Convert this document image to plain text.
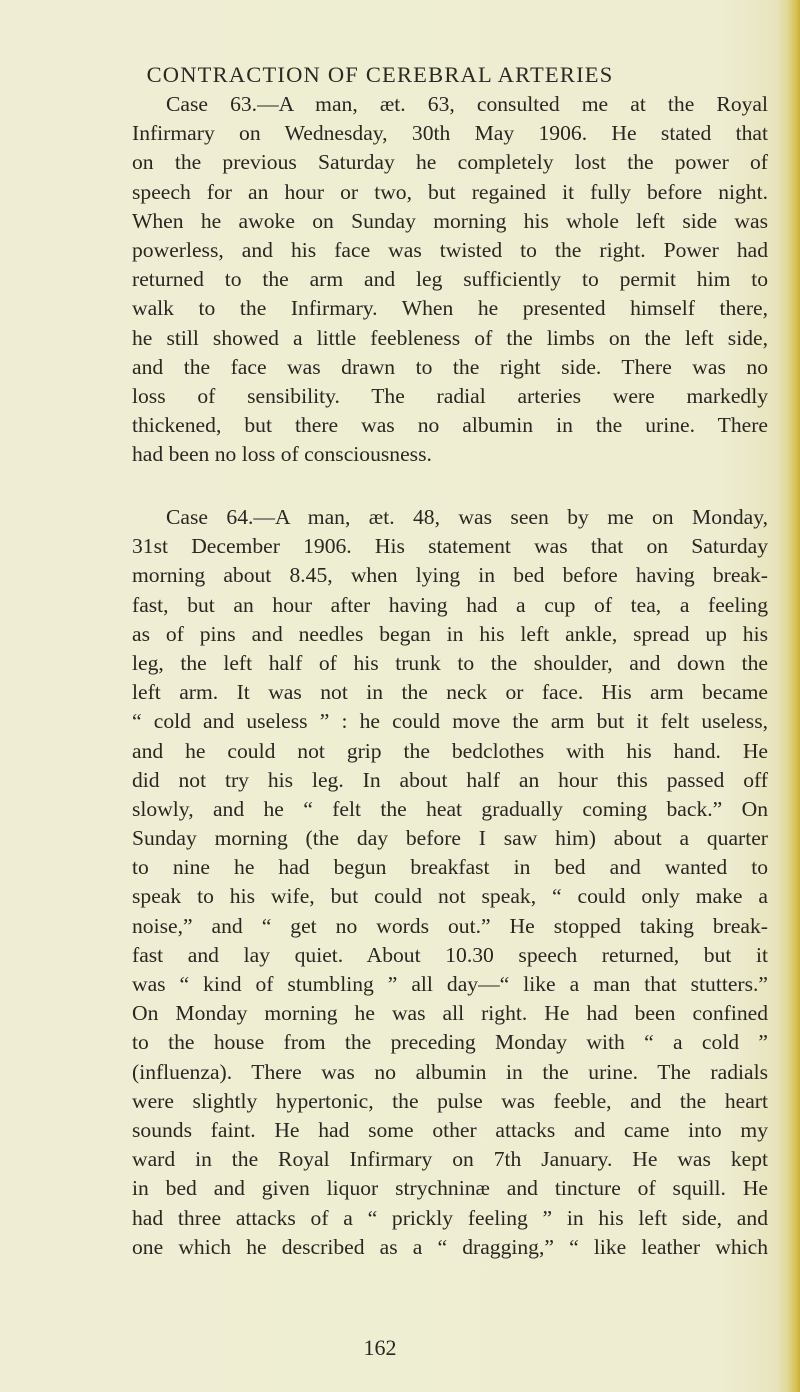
CONTRACTION OF CEREBRAL ARTERIES
Case 63.—A man, æt. 63, consulted me at the Royal
Infirmary on Wednesday, 30th May 1906. He stated that
on the previous Saturday he completely lost the power of
speech for an hour or two, but regained it fully before night.
When he awoke on Sunday morning his whole left side was
powerless, and his face was twisted to the right. Power had
returned to the arm and leg sufficiently to permit him to
walk to the Infirmary. When he presented himself there,
he still showed a little feebleness of the limbs on the left side,
and the face was drawn to the right side. There was no
loss of sensibility. The radial arteries were markedly
thickened, but there was no albumin in the urine. There
had been no loss of consciousness.
Case 64.—A man, æt. 48, was seen by me on Monday,
31st December 1906. His statement was that on Saturday
morning about 8.45, when lying in bed before having break-
fast, but an hour after having had a cup of tea, a feeling
as of pins and needles began in his left ankle, spread up his
leg, the left half of his trunk to the shoulder, and down the
left arm. It was not in the neck or face. His arm became
“ cold and useless ” : he could move the arm but it felt useless,
and he could not grip the bedclothes with his hand. He
did not try his leg. In about half an hour this passed off
slowly, and he “ felt the heat gradually coming back.” On
Sunday morning (the day before I saw him) about a quarter
to nine he had begun breakfast in bed and wanted to
speak to his wife, but could not speak, “ could only make a
noise,” and “ get no words out.” He stopped taking break-
fast and lay quiet. About 10.30 speech returned, but it
was “ kind of stumbling ” all day—“ like a man that stutters.”
On Monday morning he was all right. He had been confined
to the house from the preceding Monday with “ a cold ”
(influenza). There was no albumin in the urine. The radials
were slightly hypertonic, the pulse was feeble, and the heart
sounds faint. He had some other attacks and came into my
ward in the Royal Infirmary on 7th January. He was kept
in bed and given liquor strychninæ and tincture of squill. He
had three attacks of a “ prickly feeling ” in his left side, and
one which he described as a “ dragging,” “ like leather which
162
